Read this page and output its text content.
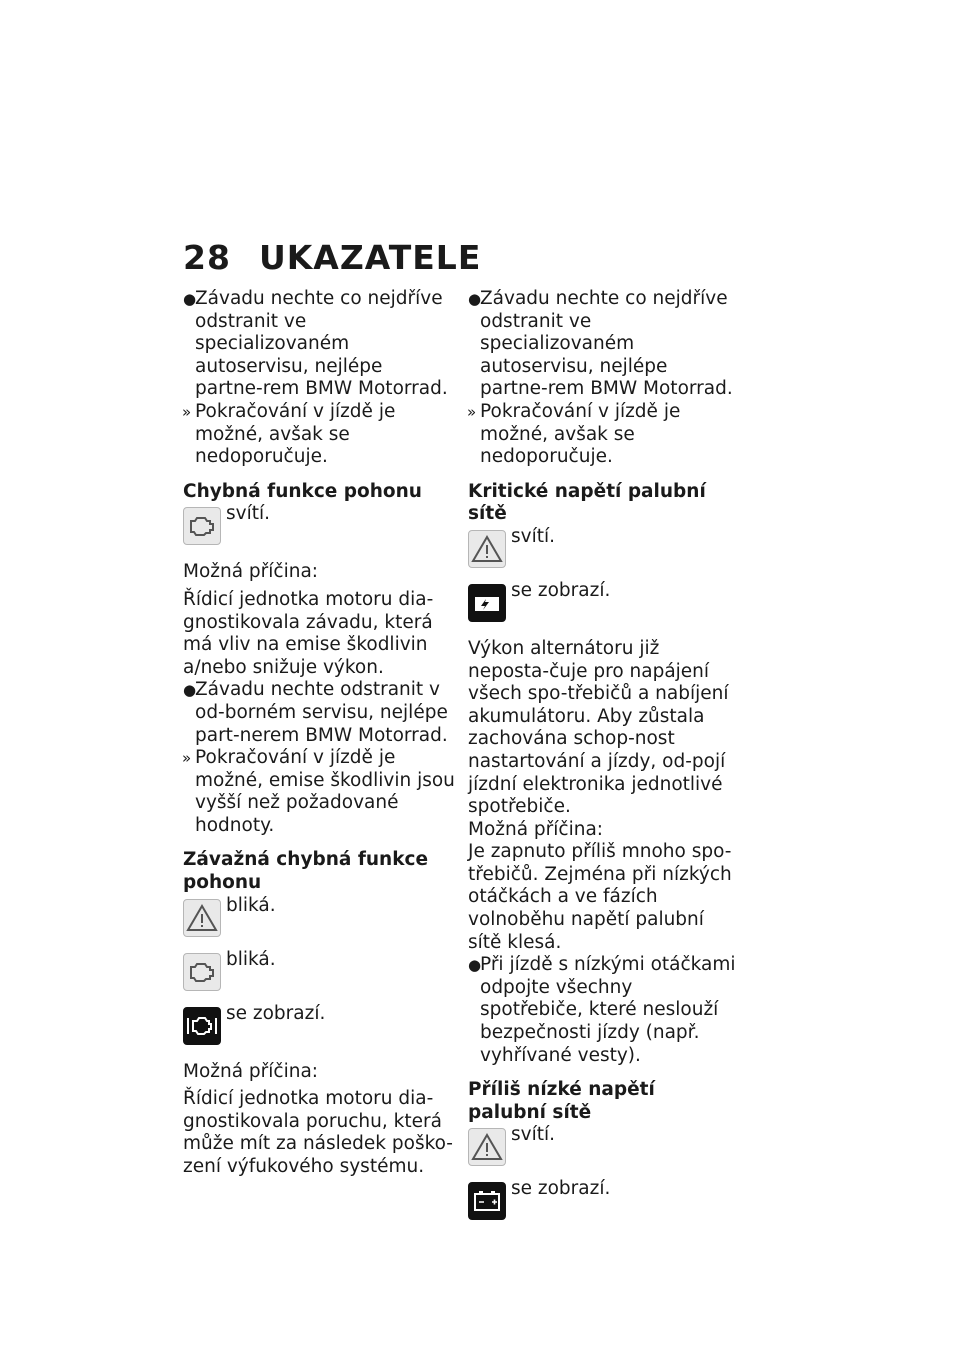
28 UKAZATELE
●
Závadu nechte co nejdříve odstranit ve specializovaném autoservisu, nejlépe partne-rem BMW Motorrad.
» Pokračování v jízdě je možné, avšak se nedoporučuje.
Chybná funkce pohonu
svítí.
Možná příčina:
Řídicí jednotka motoru dia-gnostikovala závadu, která má vliv na emise škodlivin a/nebo snižuje výkon.
●
Závadu nechte odstranit v od-borném servisu, nejlépe part-nerem BMW Motorrad.
» Pokračování v jízdě je možné, emise škodlivin jsou vyšší než požadované hodnoty.
Závažná chybná funkce pohonu
bliká.
bliká.
se zobrazí.
Možná příčina:
Řídicí jednotka motoru dia-gnostikovala poruchu, která může mít za následek poško-zení výfukového systému.
●
Závadu nechte co nejdříve odstranit ve specializovaném autoservisu, nejlépe partne-rem BMW Motorrad.
» Pokračování v jízdě je možné, avšak se nedoporučuje.
Kritické napětí palubní sítě
svítí.
se zobrazí.
Výkon alternátoru již neposta-čuje pro napájení všech spo-třebičů a nabíjení akumulátoru. Aby zůstala zachována schop-nost nastartování a jízdy, od-pojí jízdní elektronika jednotlivé spotřebiče.
Možná příčina:
Je zapnuto příliš mnoho spo-třebičů. Zejména při nízkých otáčkách a ve fázích volnoběhu napětí palubní sítě klesá.
●
Při jízdě s nízkými otáčkami odpojte všechny spotřebiče, které neslouží bezpečnosti jízdy (např. vyhřívané vesty).
Příliš nízké napětí palubní sítě
svítí.
se zobrazí.
